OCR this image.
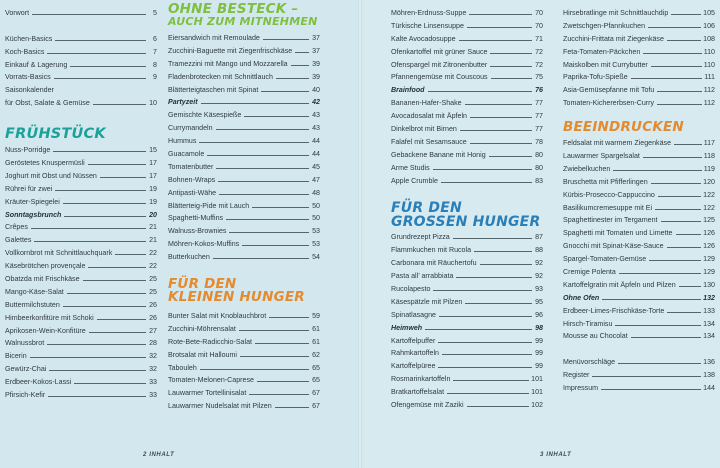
Vorwort	5
Küchen-Basics	6
Koch-Basics	7
Einkauf & Lagerung	8
Vorrats-Basics	9
Saisonkalender
für Obst, Salate & Gemüse	10
FRÜHSTÜCK
Nuss-Porridge	15
Geröstetes Knuspermüsli	17
Joghurt mit Obst und Nüssen	17
Rührei für zwei	19
Kräuter-Spiegelei	19
Sonntagsbrunch	20
Crêpes	21
Galettes	21
Vollkornbrot mit Schnittlauchquark	22
Käsebrötchen provençale	22
Obatzda mit Frischkäse	25
Mango-Käse-Salat	25
Buttermilchstuten	26
Himbeerkonfitüre mit Schoki	26
Aprikosen-Wein-Konfitüre	27
Walnussbrot	28
Bicerin	32
Gewürz-Chai	32
Erdbeer-Kokos-Lassi	33
Pfirsich-Kefir	33
OHNE BESTECK –
AUCH ZUM MITNEHMEN
Eiersandwich mit Remoulade	37
Zucchini-Baguette mit Ziegenfrischkäse	37
Tramezzini mit Mango und Mozzarella	39
Fladenbrotecken mit Schnittlauch	39
Blätterteigtaschen mit Spinat	40
Partyzeit	42
Gemischte Käsespieße	43
Currymandeln	43
Hummus	44
Guacamole	44
Tomatenbutter	45
Bohnen-Wraps	47
Antipasti-Wähe	48
Blätterteig-Pide mit Lauch	50
Spaghetti-Muffins	50
Walnuss-Brownies	53
Möhren-Kokos-Muffins	53
Butterkuchen	54
FÜR DEN
KLEINEN HUNGER
Bunter Salat mit Knoblauchbrot	59
Zucchini-Möhrensalat	61
Rote-Bete-Radicchio-Salat	61
Brotsalat mit Halloumi	62
Tabouleh	65
Tomaten-Melonen-Caprese	65
Lauwarmer Tortellinisalat	67
Lauwarmer Nudelsalat mit Pilzen	67
Möhren-Erdnuss-Suppe	70
Türkische Linsensuppe	70
Kalte Avocadosuppe	71
Ofenkartoffel mit grüner Sauce	72
Ofenspargel mit Zitronenbutter	72
Pfannengemüse mit Couscous	75
Brainfood	76
Bananen-Hafer-Shake	77
Avocadosalat mit Äpfeln	77
Dinkelbrot mit Birnen	77
Falafel mit Sesamsauce	78
Gebackene Banane mit Honig	80
Arme Studis	80
Apple Crumble	83
FÜR DEN
GROSSEN HUNGER
Grundrezept Pizza	87
Flammkuchen mit Rucola	88
Carbonara mit Räuchertofu	92
Pasta all’ arrabbiata	92
Rucolapesto	93
Käsespätzle mit Pilzen	95
Spinatlasagne	96
Heimweh	98
Kartoffelpuffer	99
Rahmkartoffeln	99
Kartoffelpüree	99
Rosmarinkartoffeln	101
Bratkartoffelsalat	101
Ofengemüse mit Zaziki	102
Hirsebratlinge mit Schnittlauchdip	105
Zwetschgen-Pfannkuchen	106
Zucchini-Frittata mit Ziegenkäse	108
Feta-Tomaten-Päckchen	110
Maiskolben mit Currybutter	110
Paprika-Tofu-Spieße	111
Asia-Gemüsepfanne mit Tofu	112
Tomaten-Kichererbsen-Curry	112
BEEINDRUCKEN
Feldsalat mit warmem Ziegenkäse	117
Lauwarmer Spargelsalat	118
Zwiebelkuchen	119
Bruschetta mit Pfifferlingen	120
Kürbis-Prosecco-Cappuccino	122
Basilikumcremesuppe mit Ei	122
Spaghettinester im Tergament	125
Spaghetti mit Tomaten und Limette	126
Gnocchi mit Spinat-Käse-Sauce	126
Spargel-Tomaten-Gemüse	129
Cremige Polenta	129
Kartoffelgratin mit Äpfeln und Pilzen	130
Ohne Ofen	132
Erdbeer-Limes-Frischkäse-Torte	133
Hirsch-Tiramisu	134
Mousse au Chocolat	134
Menüvorschläge	136
Register	138
Impressum	144
2 INHALT	3 INHALT
